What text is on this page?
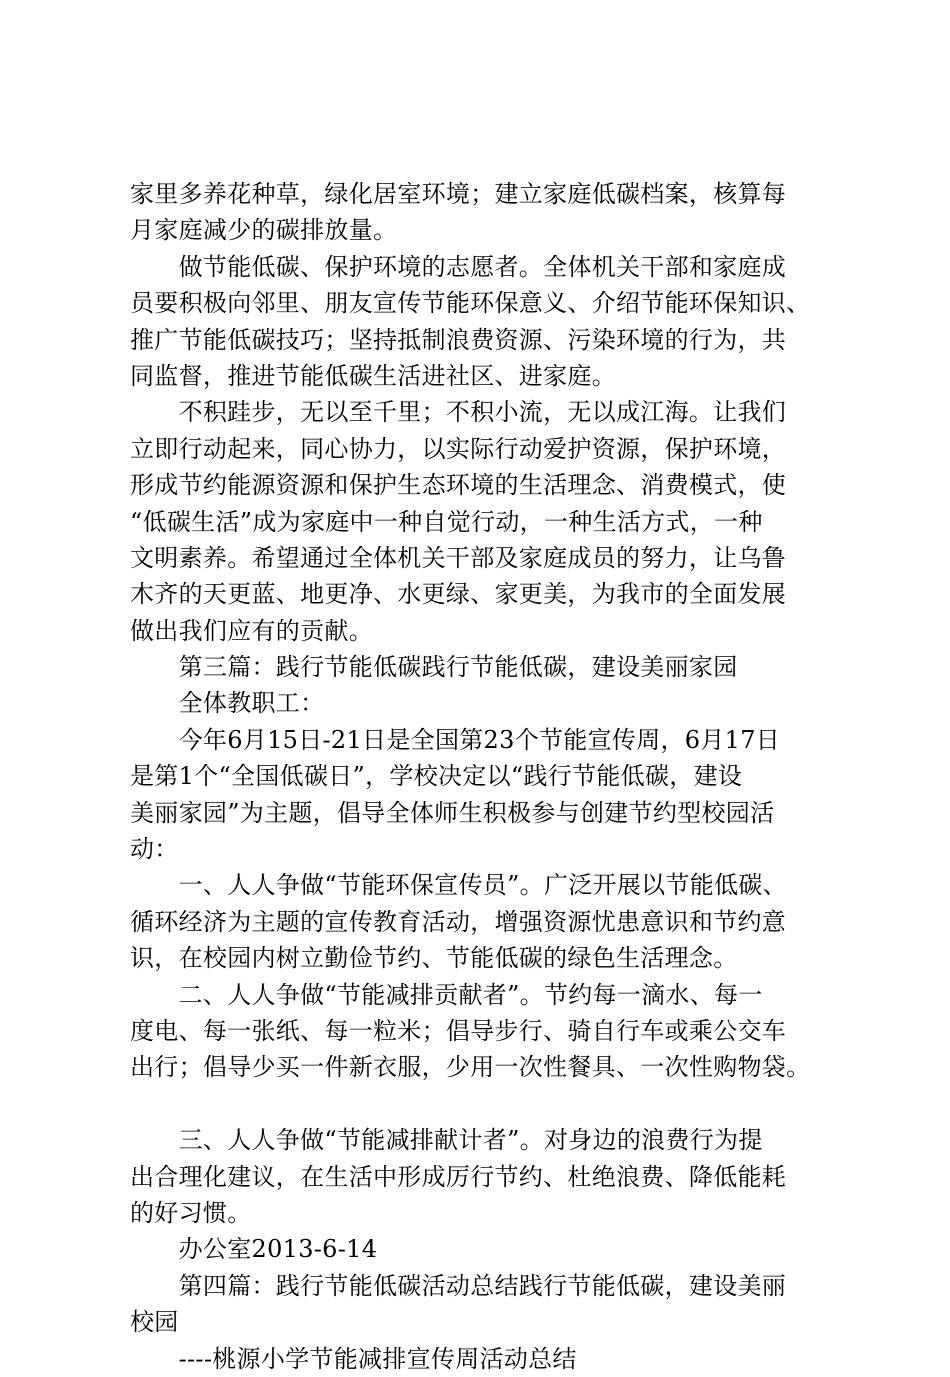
家里多养花种草，绿化居室环境；建立家庭低碳档案，核算每
月家庭减少的碳排放量。
　　做节能低碳、保护环境的志愿者。全体机关干部和家庭成
员要积极向邻里、朋友宣传节能环保意义、介绍节能环保知识、
推广节能低碳技巧；坚持抵制浪费资源、污染环境的行为，共
同监督，推进节能低碳生活进社区、进家庭。
　　不积跬步，无以至千里；不积小流，无以成江海。让我们
立即行动起来，同心协力，以实际行动爱护资源，保护环境，
形成节约能源资源和保护生态环境的生活理念、消费模式，使
“低碳生活”成为家庭中一种自觉行动，一种生活方式，一种
文明素养。希望通过全体机关干部及家庭成员的努力，让乌鲁
木齐的天更蓝、地更净、水更绿、家更美，为我市的全面发展
做出我们应有的贡献。
　　第三篇：践行节能低碳践行节能低碳，建设美丽家园
　　全体教职工：
　　今年6月15日-21日是全国第23个节能宣传周，6月17日
是第1个“全国低碳日”，学校决定以“践行节能低碳，建设
美丽家园”为主题，倡导全体师生积极参与创建节约型校园活
动：
　　一、人人争做“节能环保宣传员”。广泛开展以节能低碳、
循环经济为主题的宣传教育活动，增强资源忧患意识和节约意
识，在校园内树立勤俭节约、节能低碳的绿色生活理念。
　　二、人人争做“节能减排贡献者”。节约每一滴水、每一
度电、每一张纸、每一粒米；倡导步行、骑自行车或乘公交车
出行；倡导少买一件新衣服，少用一次性餐具、一次性购物袋。
　　三、人人争做“节能减排献计者”。对身边的浪费行为提
出合理化建议，在生活中形成厉行节约、杜绝浪费、降低能耗
的好习惯。
　　办公室2013-6-14
　　第四篇：践行节能低碳活动总结践行节能低碳，建设美丽
校园
　　----桃源小学节能减排宣传周活动总结
